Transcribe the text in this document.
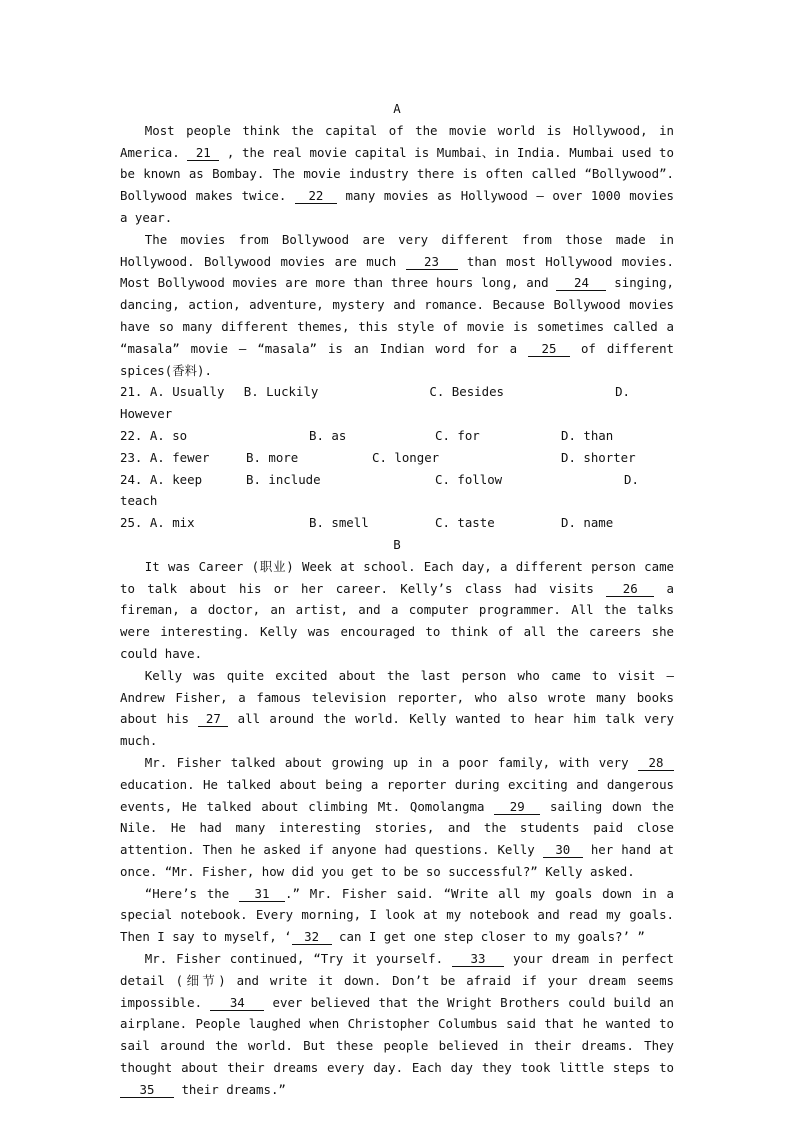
A

Most people think the capital of the movie world is Hollywood, in America. 21 , the real movie capital is Mumbai、in India. Mumbai used to be known as Bombay. The movie industry there is often called “Bollywood”. Bollywood makes twice. 22 many movies as Hollywood — over 1000 movies a year.

The movies from Bollywood are very different from those made in Hollywood. Bollywood movies are much 23 than most Hollywood movies. Most Bollywood movies are more than three hours long, and 24 singing, dancing, action, adventure, mystery and romance. Because Bollywood movies have so many different themes, this style of movie is sometimes called a “masala” movie — “masala” is an Indian word for a 25 of different spices(香料).

21. A. Usually	B. Luckily	C. Besides	D.
However
22. A. so	B. as	C. for	D. than
23. A. fewer	B. more	C. longer	D. shorter
24. A. keep	B. include	C. follow	D.
teach
25. A. mix	B. smell	C. taste	D. name
B

It was Career (职业) Week at school. Each day, a different person came to talk about his or her career. Kelly’s class had visits 26 a fireman, a doctor, an artist, and a computer programmer. All the talks were interesting. Kelly was encouraged to think of all the careers she could have.

Kelly was quite excited about the last person who came to visit — Andrew Fisher, a famous television reporter, who also wrote many books about his 27 all around the world. Kelly wanted to hear him talk very much.

Mr. Fisher talked about growing up in a poor family, with very 28 education. He talked about being a reporter during exciting and dangerous events, He talked about climbing Mt. Qomolangma 29 sailing down the Nile. He had many interesting stories, and the students paid close attention. Then he asked if anyone had questions. Kelly 30 her hand at once. “Mr. Fisher, how did you get to be so successful?” Kelly asked.

“Here’s the 31 .” Mr. Fisher said. “Write all my goals down in a special notebook. Every morning, I look at my notebook and read my goals. Then I say to myself, ‘ 32 can I get one step closer to my goals?’ ”

Mr. Fisher continued, “Try it yourself. 33 your dream in perfect detail (细节) and write it down. Don’t be afraid if your dream seems impossible. 34 ever believed that the Wright Brothers could build an airplane. People laughed when Christopher Columbus said that he wanted to sail around the world. But these people believed in their dreams. They thought about their dreams every day. Each day they took little steps to 35 their dreams.”
